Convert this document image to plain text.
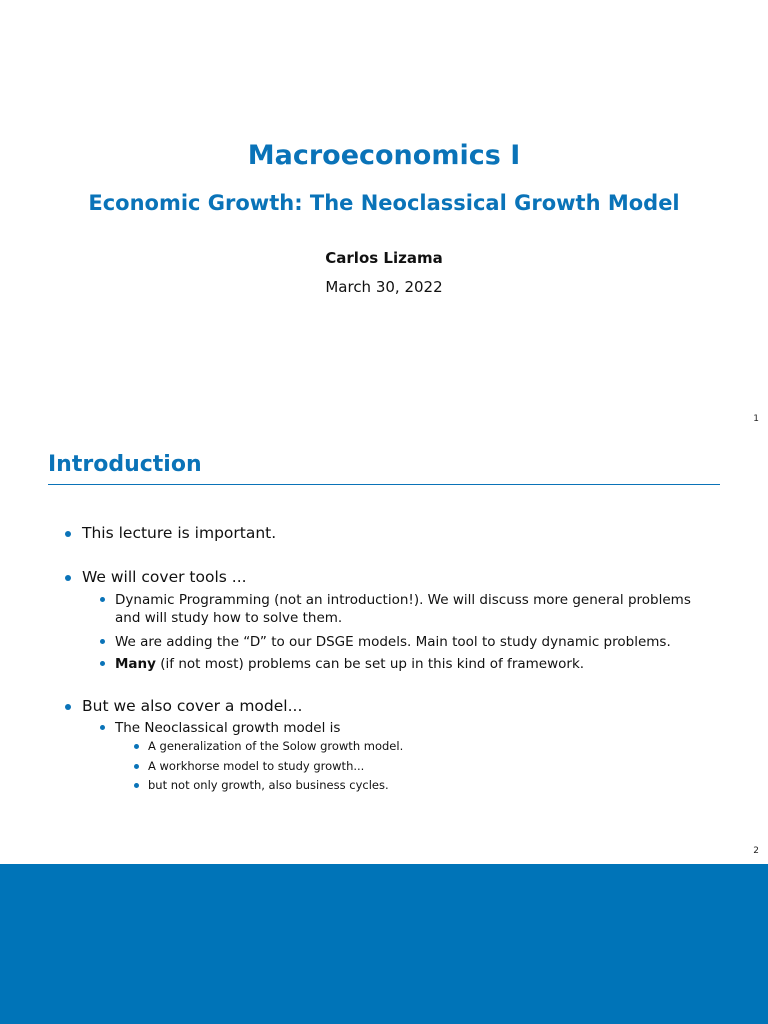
Macroeconomics I
Economic Growth: The Neoclassical Growth Model
Carlos Lizama
March 30, 2022
1
Introduction
This lecture is important.
We will cover tools ...
Dynamic Programming (not an introduction!). We will discuss more general problems and will study how to solve them.
We are adding the “D” to our DSGE models. Main tool to study dynamic problems.
Many (if not most) problems can be set up in this kind of framework.
But we also cover a model...
The Neoclassical growth model is
A generalization of the Solow growth model.
A workhorse model to study growth...
but not only growth, also business cycles.
2
